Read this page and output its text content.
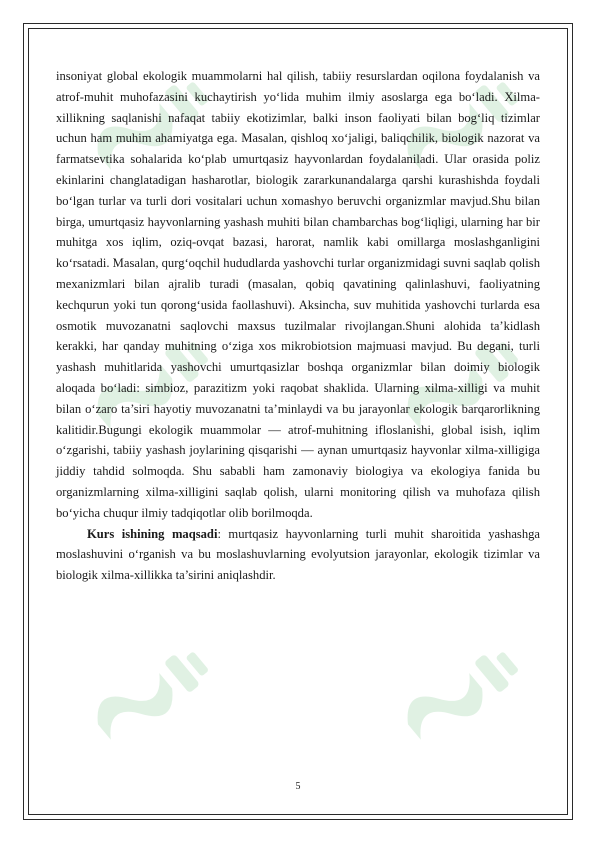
insoniyat global ekologik muammolarni hal qilish, tabiiy resurslardan oqilona foydalanish va atrof-muhit muhofazasini kuchaytirish yo‘lida muhim ilmiy asoslarga ega bo‘ladi. Xilma-xillikning saqlanishi nafaqat tabiiy ekotizimlar, balki inson faoliyati bilan bog‘liq tizimlar uchun ham muhim ahamiyatga ega. Masalan, qishloq xo‘jaligi, baliqchilik, biologik nazorat va farmatsevtika sohalarida ko‘plab umurtqasiz hayvonlardan foydalaniladi. Ular orasida poliz ekinlarini changlatadigan hasharotlar, biologik zararkunandalarga qarshi kurashishda foydali bo‘lgan turlar va turli dori vositalari uchun xomashyo beruvchi organizmlar mavjud.Shu bilan birga, umurtqasiz hayvonlarning yashash muhiti bilan chambarchas bog‘liqligi, ularning har bir muhitga xos iqlim, oziq-ovqat bazasi, harorat, namlik kabi omillarga moslashganligini ko‘rsatadi. Masalan, qurg‘oqchil hududlarda yashovchi turlar organizmidagi suvni saqlab qolish mexanizmlari bilan ajralib turadi (masalan, qobiq qavatining qalinlashuvi, faoliyatning kechqurun yoki tun qorong‘usida faollashuvi). Aksincha, suv muhitida yashovchi turlarda esa osmotik muvozanatni saqlovchi maxsus tuzilmalar rivojlangan.Shuni alohida ta’kidlash kerakki, har qanday muhitning o‘ziga xos mikrobiotsion majmuasi mavjud. Bu degani, turli yashash muhitlarida yashovchi umurtqasizlar boshqa organizmlar bilan doimiy biologik aloqada bo‘ladi: simbioz, parazitizm yoki raqobat shaklida. Ularning xilma-xilligi va muhit bilan o‘zaro ta’siri hayotiy muvozanatni ta’minlaydi va bu jarayonlar ekologik barqarorlikning kalitidir.Bugungi ekologik muammolar — atrof-muhitning ifloslanishi, global isish, iqlim o‘zgarishi, tabiiy yashash joylarining qisqarishi — aynan umurtqasiz hayvonlar xilma-xilligiga jiddiy tahdid solmoqda. Shu sababli ham zamonaviy biologiya va ekologiya fanida bu organizmlarning xilma-xilligini saqlab qolish, ularni monitoring qilish va muhofaza qilish bo‘yicha chuqur ilmiy tadqiqotlar olib borilmoqda.

Kurs ishining maqsadi: murtqasiz hayvonlarning turli muhit sharoitida yashashga moslashuvini o‘rganish va bu moslashuvlarning evolyutsion jarayonlar, ekologik tizimlar va biologik xilma-xillikka ta’sirini aniqlashdir.

5
